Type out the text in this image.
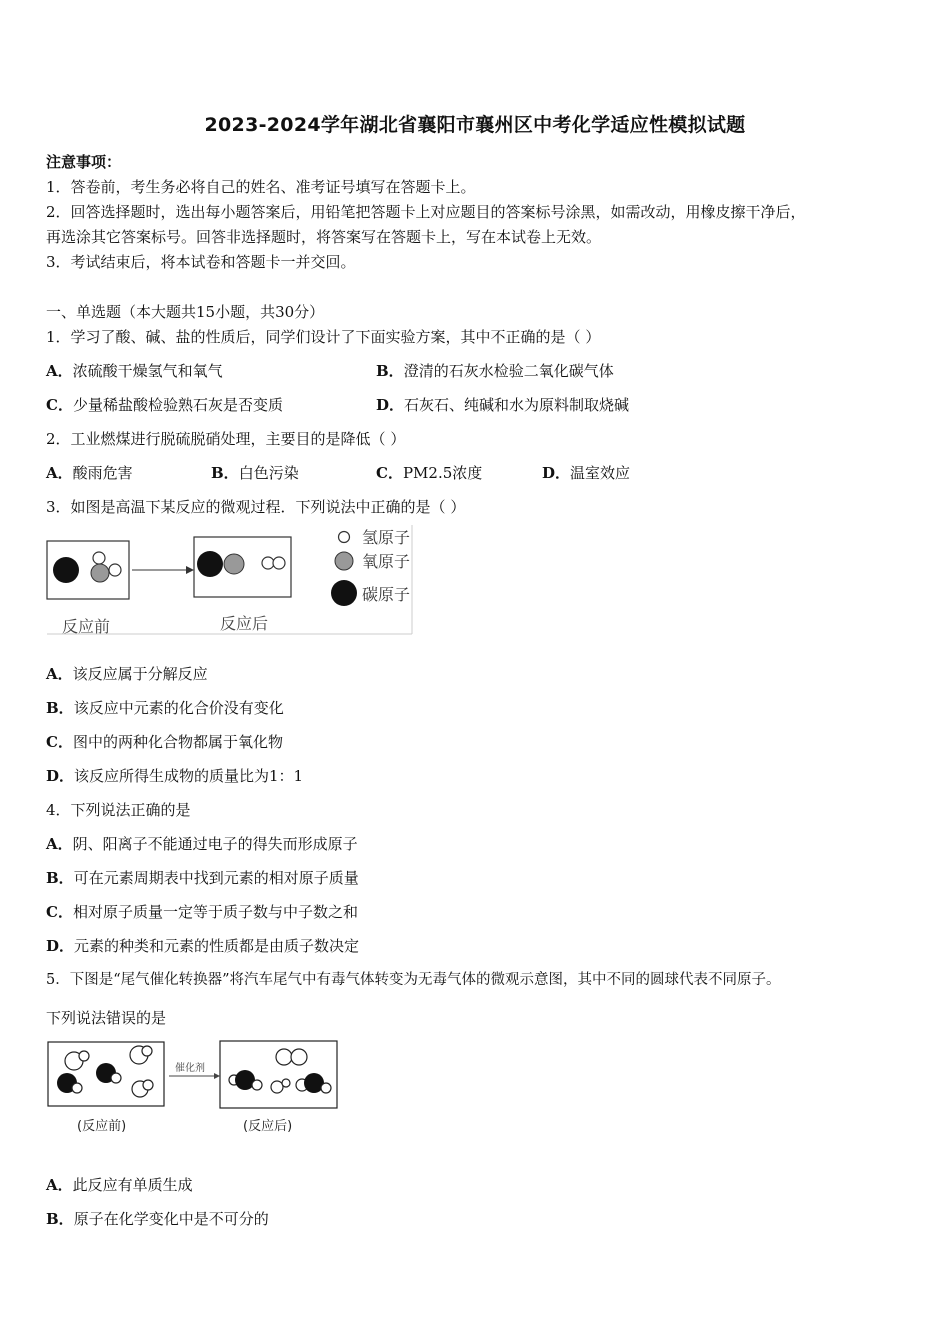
2023-2024学年湖北省襄阳市襄州区中考化学适应性模拟试题
注意事项：
1．答卷前，考生务必将自己的姓名、准考证号填写在答题卡上。
2．回答选择题时，选出每小题答案后，用铅笔把答题卡上对应题目的答案标号涂黑，如需改动，用橡皮擦干净后，
再选涂其它答案标号。回答非选择题时，将答案写在答题卡上，写在本试卷上无效。
3．考试结束后，将本试卷和答题卡一并交回。
一、单选题（本大题共15小题，共30分）
1．学习了酸、碱、盐的性质后，同学们设计了下面实验方案，其中不正确的是（ ）
A．浓硫酸干燥氢气和氧气	B．澄清的石灰水检验二氧化碳气体
C．少量稀盐酸检验熟石灰是否变质	D．石灰石、纯碱和水为原料制取烧碱
2．工业燃煤进行脱硫脱硝处理，主要目的是降低（ ）
A．酸雨危害	B．白色污染	C．PM2.5浓度	D．温室效应
3．如图是高温下某反应的微观过程．下列说法中正确的是（ ）
反应前	反应后
氢原子
氧原子
碳原子
A．该反应属于分解反应
B．该反应中元素的化合价没有变化
C．图中的两种化合物都属于氧化物
D．该反应所得生成物的质量比为1：1
4．下列说法正确的是
A．阴、阳离子不能通过电子的得失而形成原子
B．可在元素周期表中找到元素的相对原子质量
C．相对原子质量一定等于质子数与中子数之和
D．元素的种类和元素的性质都是由质子数决定
5．下图是“尾气催化转换器”将汽车尾气中有毒气体转变为无毒气体的微观示意图，其中不同的圆球代表不同原子。
下列说法错误的是
催化剂
(反应前)	(反应后)
A．此反应有单质生成
B．原子在化学变化中是不可分的
